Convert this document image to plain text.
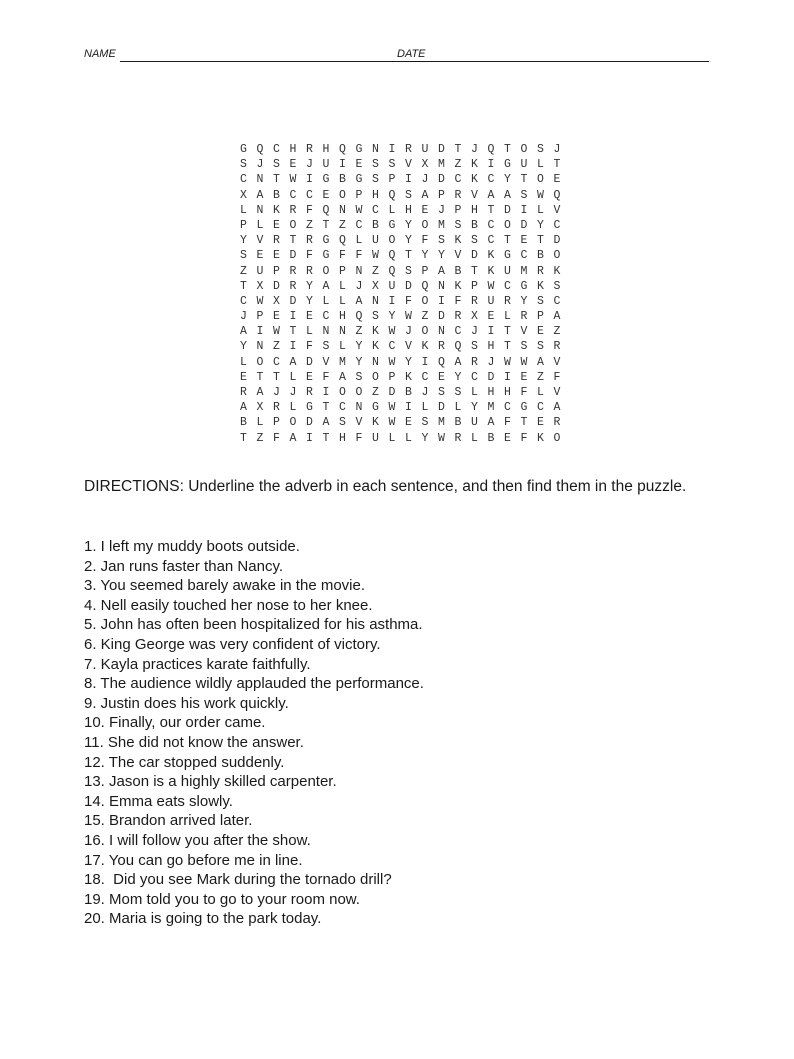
NAME	DATE
G Q C H R H Q G N I R U D T J Q T O S J
S J S E J U I E S S V X M Z K I G U L T
C N T W I G B G S P I J D C K C Y T O E
X A B C C E O P H Q S A P R V A A S W Q
L N K R F Q N W C L H E J P H T D I L V
P L E O Z T Z C B G Y O M S B C O D Y C
Y V R T R G Q L U O Y F S K S C T E T D
S E E D F G F F W Q T Y Y V D K G C B O
Z U P R R O P N Z Q S P A B T K U M R K
T X D R Y A L J X U D Q N K P W C G K S
C W X D Y L L A N I F O I F R U R Y S C
J P E I E C H Q S Y W Z D R X E L R P A
A I W T L N N Z K W J O N C J I T V E Z
Y N Z I F S L Y K C V K R Q S H T S S R
L O C A D V M Y N W Y I Q A R J W W A V
E T T L E F A S O P K C E Y C D I E Z F
R A J J R I O O Z D B J S S L H H F L V
A X R L G T C N G W I L D L Y M C G C A
B L P O D A S V K W E S M B U A F T E R
T Z F A I T H F U L L Y W R L B E F K O
DIRECTIONS: Underline the adverb in each sentence, and then find them in the puzzle.
1. I left my muddy boots outside.
2. Jan runs faster than Nancy.
3. You seemed barely awake in the movie.
4. Nell easily touched her nose to her knee.
5. John has often been hospitalized for his asthma.
6. King George was very confident of victory.
7. Kayla practices karate faithfully.
8. The audience wildly applauded the performance.
9. Justin does his work quickly.
10. Finally, our order came.
11. She did not know the answer.
12. The car stopped suddenly.
13. Jason is a highly skilled carpenter.
14. Emma eats slowly.
15. Brandon arrived later.
16. I will follow you after the show.
17. You can go before me in line.
18.  Did you see Mark during the tornado drill?
19. Mom told you to go to your room now.
20. Maria is going to the park today.
